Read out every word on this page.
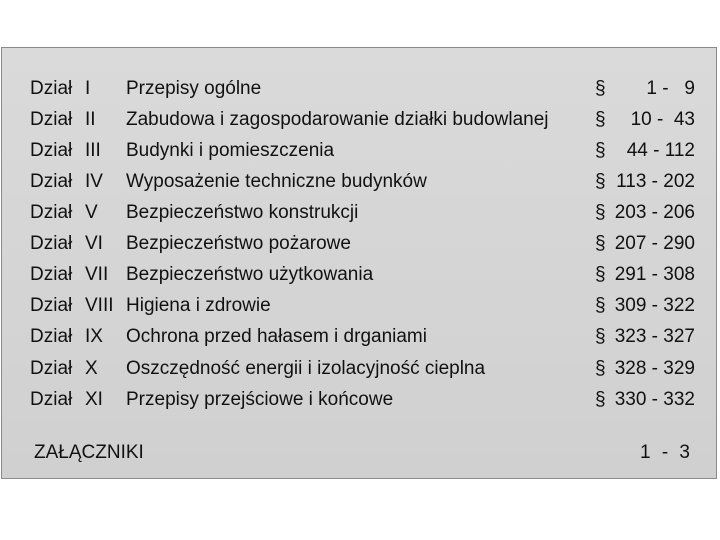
Dział I Przepisy ogólne	§ 1 -   9
Dział II Zabudowa i zagospodarowanie działki budowlanej § 10 -  43
Dział III Budynki i pomieszczenia	§ 44 - 112
Dział IV Wyposażenie techniczne budynków	§ 113 - 202
Dział V Bezpieczeństwo konstrukcji	§ 203 - 206
Dział VI Bezpieczeństwo pożarowe	§ 207 - 290
Dział VII Bezpieczeństwo użytkowania	§ 291 - 308
Dział VIII Higiena i zdrowie	§ 309 - 322
Dział IX Ochrona przed hałasem i drganiami	§ 323 - 327
Dział X Oszczędność energii i izolacyjność cieplna	§ 328 - 329
Dział XI Przepisy przejściowe i końcowe	§ 330 - 332
ZAŁĄCZNIKI	1 - 3
